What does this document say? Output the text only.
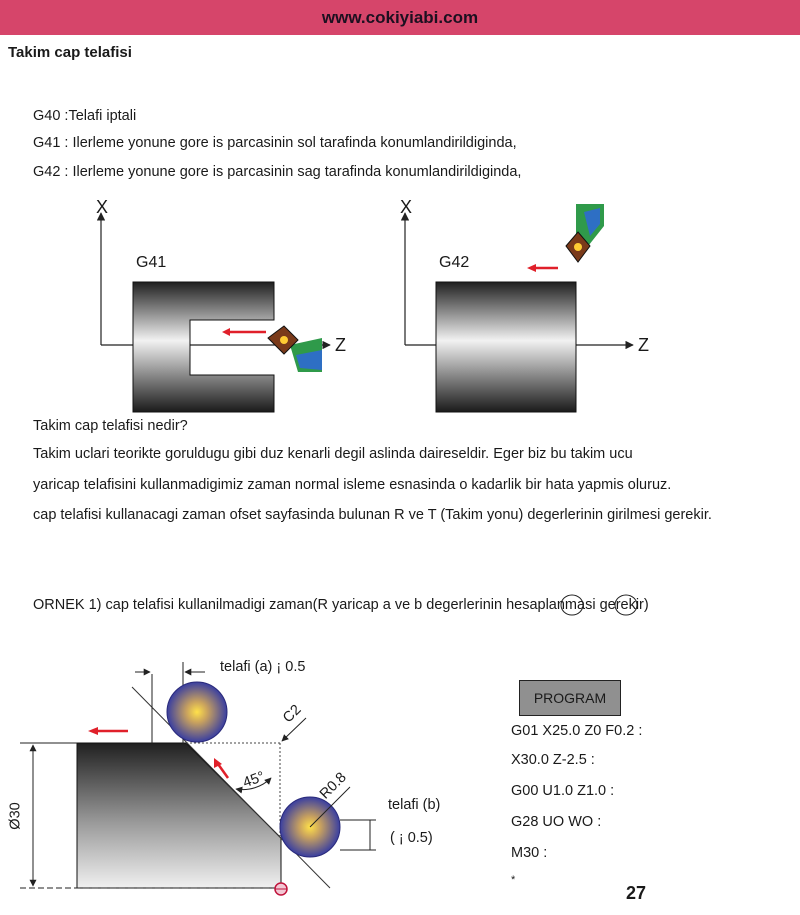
www.cokiyiabi.com
Takim cap telafisi
G40 :Telafi iptali
G41 : Ilerleme yonune gore is parcasinin sol tarafinda konumlandirildiginda,
G42 : Ilerleme yonune gore is parcasinin sag tarafinda konumlandirildiginda,
X
Z
G41
X
Z
G42
Takim cap telafisi nedir?
Takim uclari teorikte goruldugu gibi duz kenarli degil aslinda daireseldir. Eger biz bu takim ucu
yaricap telafisini kullanmadigimiz zaman normal isleme esnasinda o kadarlik bir hata yapmis oluruz.
cap telafisi kullanacagi zaman ofset sayfasinda bulunan R ve T (Takim yonu) degerlerinin girilmesi gerekir.
ORNEK 1) cap telafisi kullanilmadigi zaman(R yaricap a ve b degerlerinin hesaplanmasi gerekir)
telafi (a) ¡ 0.5
C2
45°	R0.8
telafi (b)
( ¡ 0.5)
Ø30
PROGRAM
G01 X25.0 Z0 F0.2 :
X30.0 Z-2.5 :
G00 U1.0 Z1.0 :
G28 UO WO :
M30 :
*
27
